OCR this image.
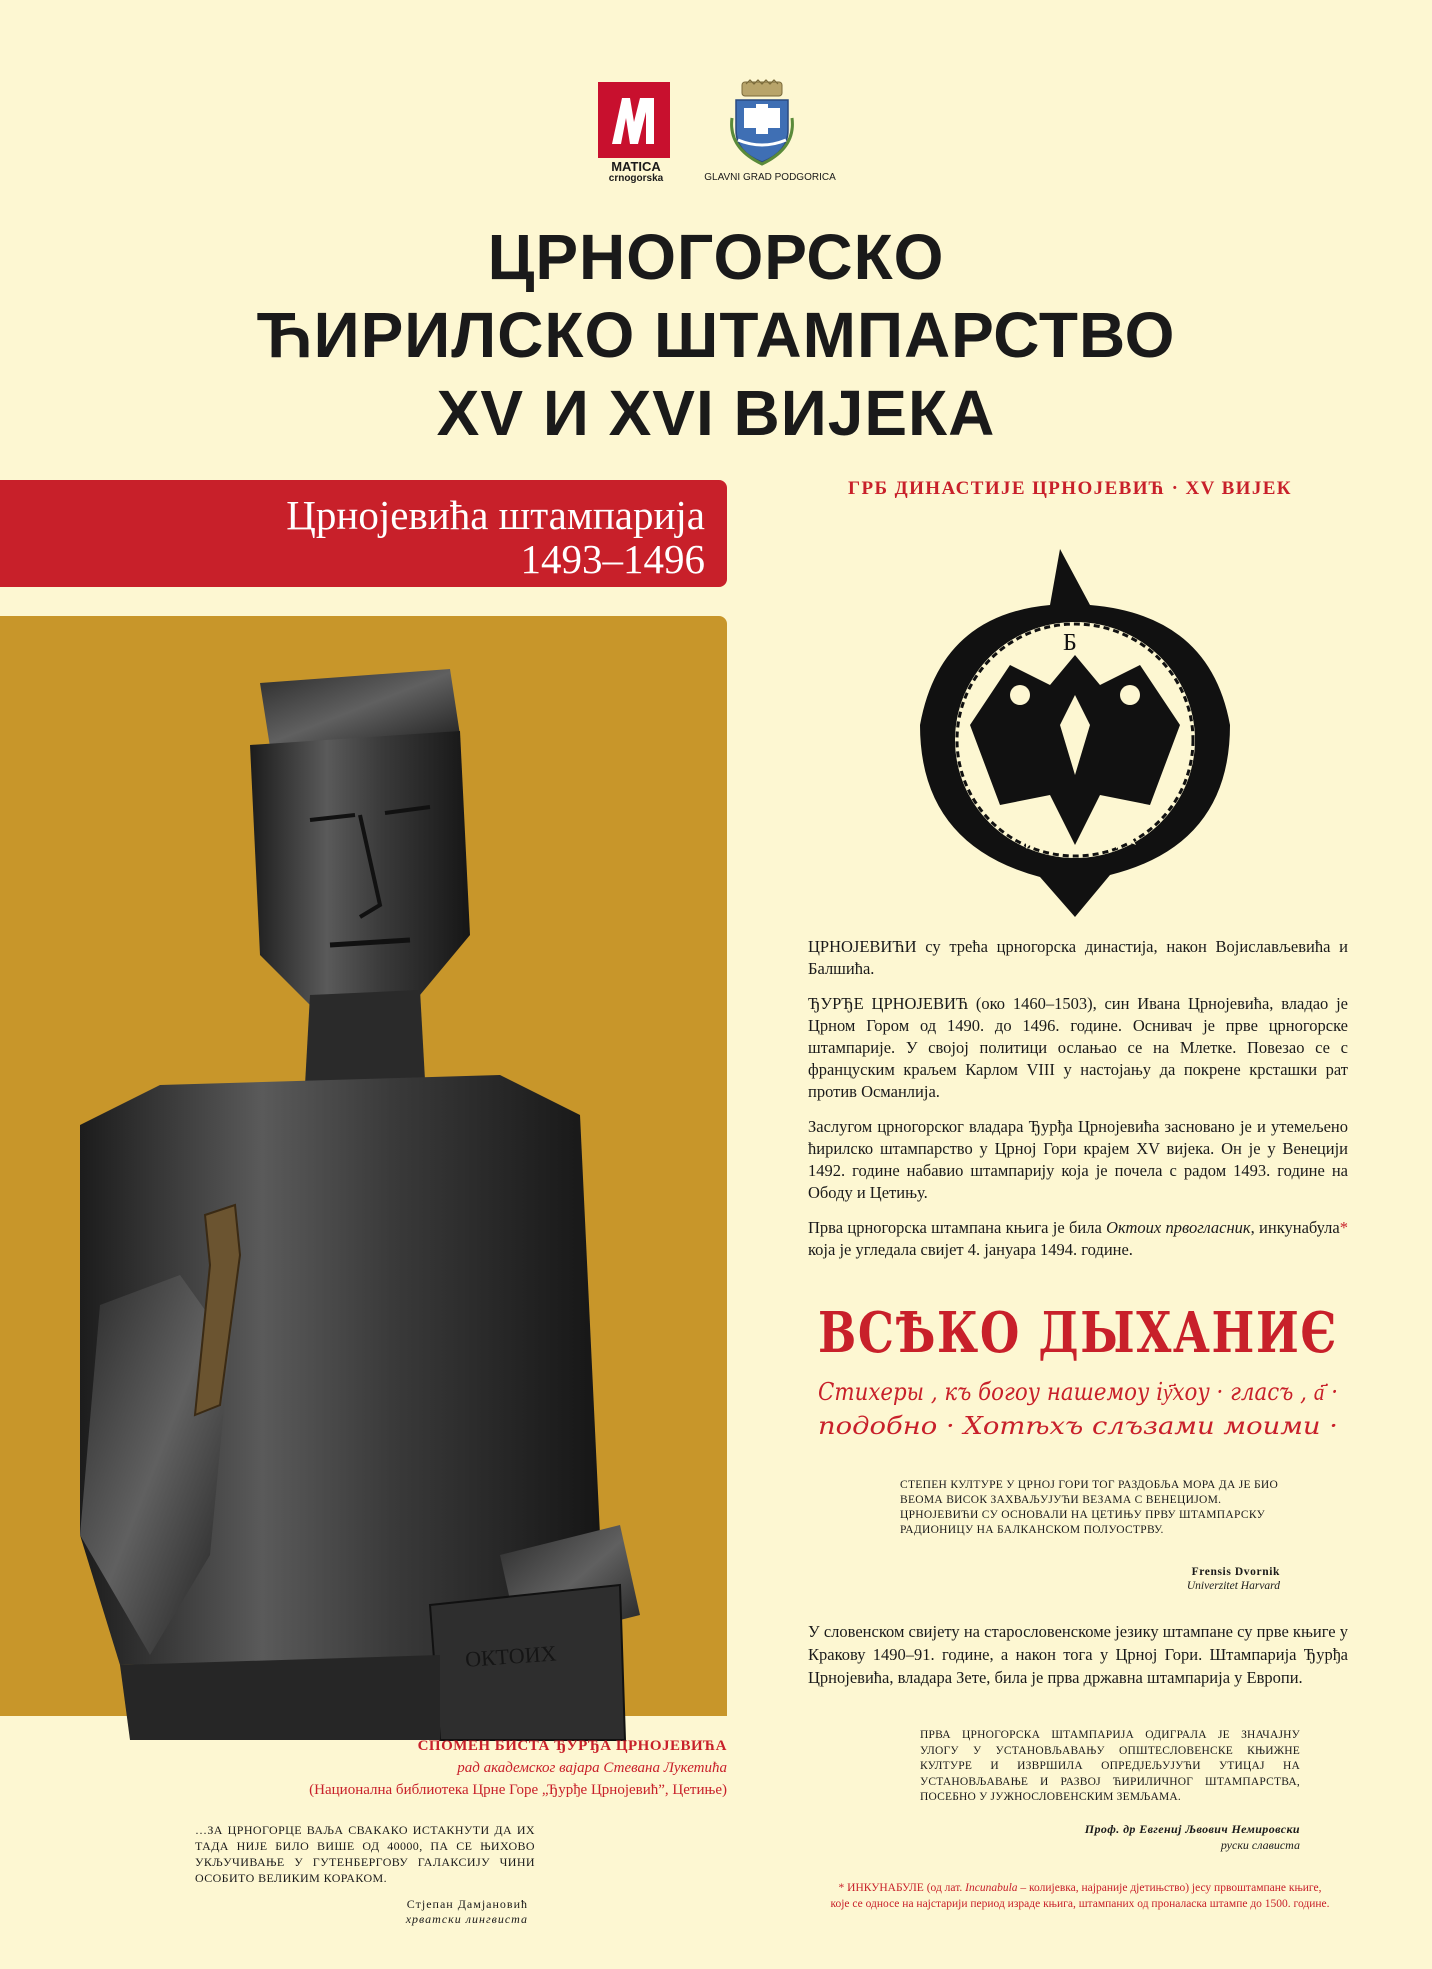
MATICA
crnogorska	GLAVNI GRAD PODGORICA
ЦРНОГОРСКО
ЋИРИЛСКО ШТАМПАРСТВО
XV И XVI ВИЈЕКА
Црнојевића штампарија
1493–1496
ОКТОИХ
СПОМЕН БИСТА ЂУРЂА ЦРНОЈЕВИЋА
рад академског вајара Стевана Лукетића
(Национална библиотека Црне Горе „Ђурђе Црнојевић”, Цетиње)
…ЗА ЦРНОГОРЦЕ ВАЉА СВАКАКО ИСТАКНУТИ ДА ИХ ТАДА НИЈЕ БИЛО ВИШЕ ОД 40000, ПА СЕ ЊИХОВО УКЉУЧИВАЊЕ У ГУТЕНБЕРГОВУ ГАЛАКСИЈУ ЧИНИ ОСОБИТО ВЕЛИКИМ КОРАКОМ.
Стјепан Дамјановић
хрватски лингвиста
ГРБ ДИНАСТИЈЕ ЦРНОЈЕВИЋ · XV ВИЈЕК
Б

ЦРНОЈЕВИЋИ су трећа црногорска династија, након Војислављевића и Балшића.

ЂУРЂЕ ЦРНОЈЕВИЋ (око 1460–1503), син Ивана Црнојевића, владао је Црном Гором од 1490. до 1496. године. Оснивач је прве црногорске штампарије. У својој политици ослањао се на Млетке. Повезао се с француским краљем Карлом VIII у настојању да покрене крсташки рат против Османлија.

Заслугом црногорског владара Ђурђа Црнојевића засновано је и утемељено ћирилско штампарство у Црној Гори крајем XV вијека. Он је у Венецији 1492. године набавио штампарију која је почела с радом 1493. године на Ободу и Цетињу.

Прва црногорска штампана књига је била Октоих првогласник, инкунабула* која је угледала свијет 4. јануара 1494. године.

ВСѢКО ДЫХАНИЄ
Стихеры , къ богоу нашемоу іу҃хоу · гласъ , а҃ ·
подобно · Хотѣхъ слъзами моими ·
СТЕПЕН КУЛТУРЕ У ЦРНОЈ ГОРИ ТОГ РАЗДОБЉА МОРА ДА ЈЕ БИО ВЕОМА ВИСОК ЗАХВАЉУЈУЋИ ВЕЗАМА С ВЕНЕЦИЈОМ. ЦРНОЈЕВИЋИ СУ ОСНОВАЛИ НА ЦЕТИЊУ ПРВУ ШТАМПАРСКУ РАДИОНИЦУ НА БАЛКАНСКОМ ПОЛУОСТРВУ.
Frensis Dvornik
Univerzitet Harvard
У словенском свијету на старословенскоме језику штампане су прве књиге у Кракову 1490–91. године, а након тога у Црној Гори. Штампарија Ђурђа Црнојевића, владара Зете, била је прва државна штампарија у Европи.
ПРВА ЦРНОГОРСКА ШТАМПАРИЈА ОДИГРАЛА ЈЕ ЗНАЧАЈНУ УЛОГУ У УСТАНОВЉАВАЊУ ОПШТЕСЛОВЕНСКЕ КЊИЖНЕ КУЛТУРЕ И ИЗВРШИЛА ОПРЕДЈЕЉУЈУЋИ УТИЦАЈ НА УСТАНОВЉАВАЊЕ И РАЗВОЈ ЋИРИЛИЧНОГ ШТАМПАРСТВА, ПОСЕБНО У ЈУЖНОСЛОВЕНСКИМ ЗЕМЉАМА.
Проф. др Евгениј Љвович Немировски
руски слависта
* ИНКУНАБУЛЕ (од лат. Incunabula – колијевка, најраније дјетињство) јесу првоштампане књиге,
које се односе на најстарији период израде књига, штампаних од проналаска штампе до 1500. године.
